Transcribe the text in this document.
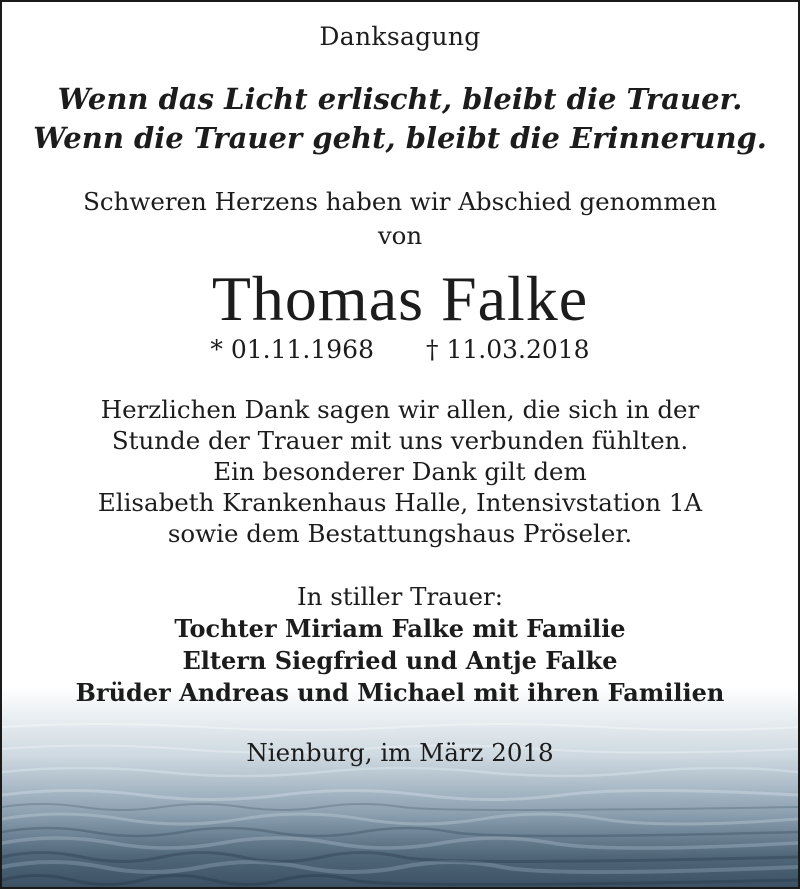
Danksagung
Wenn das Licht erlischt, bleibt die Trauer.
Wenn die Trauer geht, bleibt die Erinnerung.
Schweren Herzens haben wir Abschied genommen
von
Thomas Falke
* 01.11.1968 † 11.03.2018
Herzlichen Dank sagen wir allen, die sich in der
Stunde der Trauer mit uns verbunden fühlten.
Ein besonderer Dank gilt dem
Elisabeth Krankenhaus Halle, Intensivstation 1A
sowie dem Bestattungshaus Pröseler.
In stiller Trauer:
Tochter Miriam Falke mit Familie
Eltern Siegfried und Antje Falke
Brüder Andreas und Michael mit ihren Familien
Nienburg, im März 2018
